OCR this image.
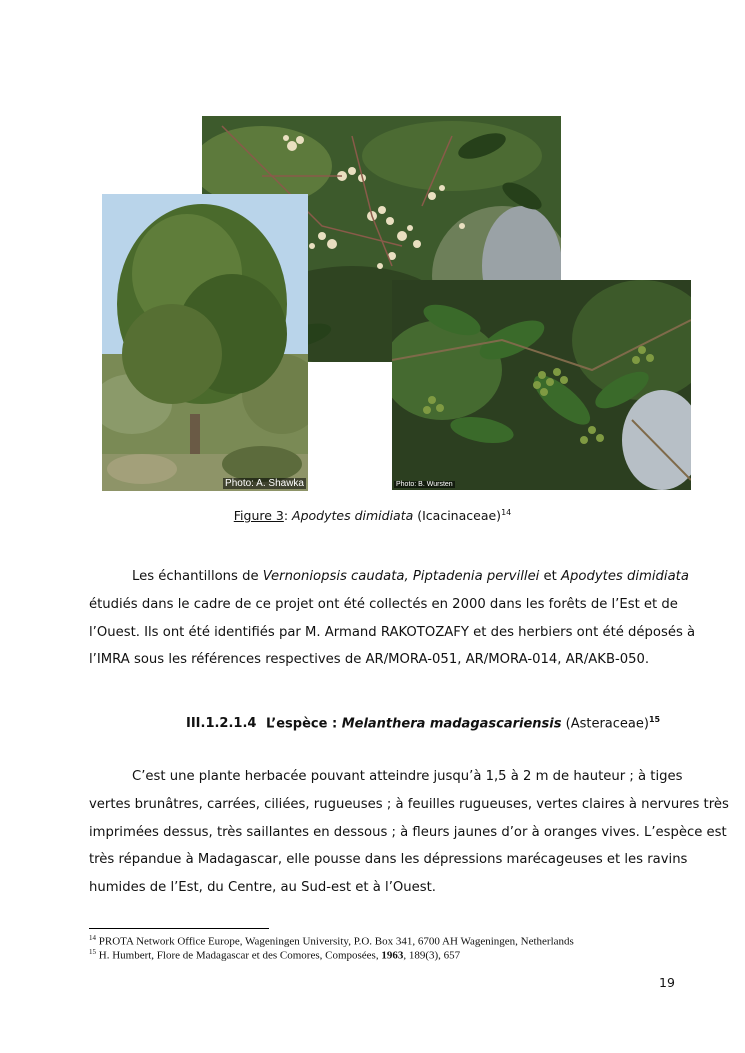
Photo: A. Shawka	Photo: B. Wursten
Figure 3: Apodytes dimidiata (Icacinaceae)$^{14}$

Les échantillons de Vernoniopsis caudata, Piptadenia pervillei et Apodytes dimidiata
étudiés dans le cadre de ce projet ont été collectés en 2000 dans les forêts de l’Est et de
l’Ouest. Ils ont été identifiés par M. Armand RAKOTOZAFY et des herbiers ont été déposés à
l’IMRA sous les références respectives de AR/MORA-051, AR/MORA-014, AR/AKB-050.

III.1.2.1.4 L’espèce : Melanthera madagascariensis (Asteraceae)$^{15}$

C’est une plante herbacée pouvant atteindre jusqu’à 1,5 à 2 m de hauteur ; à tiges
vertes brunâtres, carrées, ciliées, rugueuses ; à feuilles rugueuses, vertes claires à nervures très
imprimées dessus, très saillantes en dessous ; à fleurs jaunes d’or à oranges vives. L’espèce est
très répandue à Madagascar, elle pousse dans les dépressions marécageuses et les ravins
humides de l’Est, du Centre, au Sud-est et à l’Ouest.

$^{14}$ PROTA Network Office Europe, Wageningen University, P.O. Box 341, 6700 AH Wageningen, Netherlands
$^{15}$ H. Humbert, Flore de Madagascar et des Comores, Composées, 1963, 189(3), 657
19
